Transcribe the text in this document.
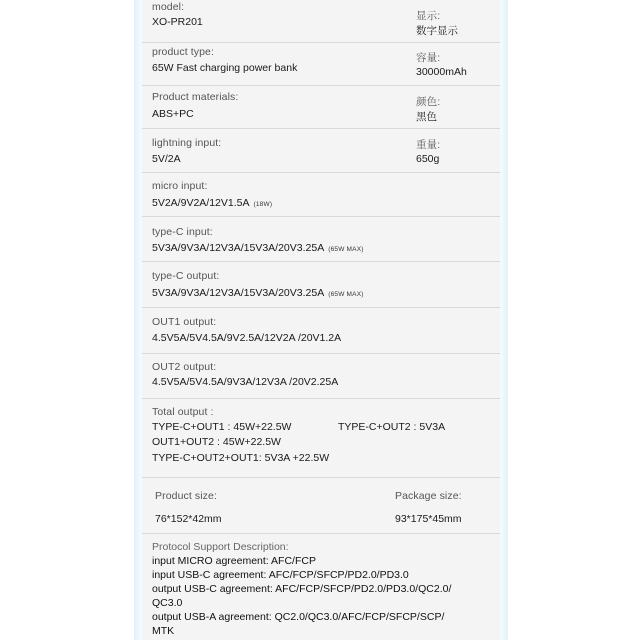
model:
XO-PR201	显示:
数字显示
product type:
65W Fast charging power bank
容量:
30000mAh
Product materials:
ABS+PC
颜色:
黑色
lightning input:
5V/2A
重量:
650g
micro input:
5V2A/9V2A/12V1.5A (18W)
type-C input:
5V3A/9V3A/12V3A/15V3A/20V3.25A (65W MAX)
type-C output:
5V3A/9V3A/12V3A/15V3A/20V3.25A (65W MAX)
OUT1 output:
4.5V5A/5V4.5A/9V2.5A/12V2A /20V1.2A
OUT2 output:
4.5V5A/5V4.5A/9V3A/12V3A /20V2.25A
Total output :
TYPE-C+OUT1 : 45W+22.5W	TYPE-C+OUT2 : 5V3A
OUT1+OUT2 : 45W+22.5W
TYPE-C+OUT2+OUT1: 5V3A +22.5W
Product size:
76*152*42mm
Package size:
93*175*45mm
Protocol Support Description:
input MICRO agreement: AFC/FCP
input USB-C agreement: AFC/FCP/SFCP/PD2.0/PD3.0
output USB-C agreement: AFC/FCP/SFCP/PD2.0/PD3.0/QC2.0/
QC3.0
output USB-A agreement: QC2.0/QC3.0/AFC/FCP/SFCP/SCP/
MTK
